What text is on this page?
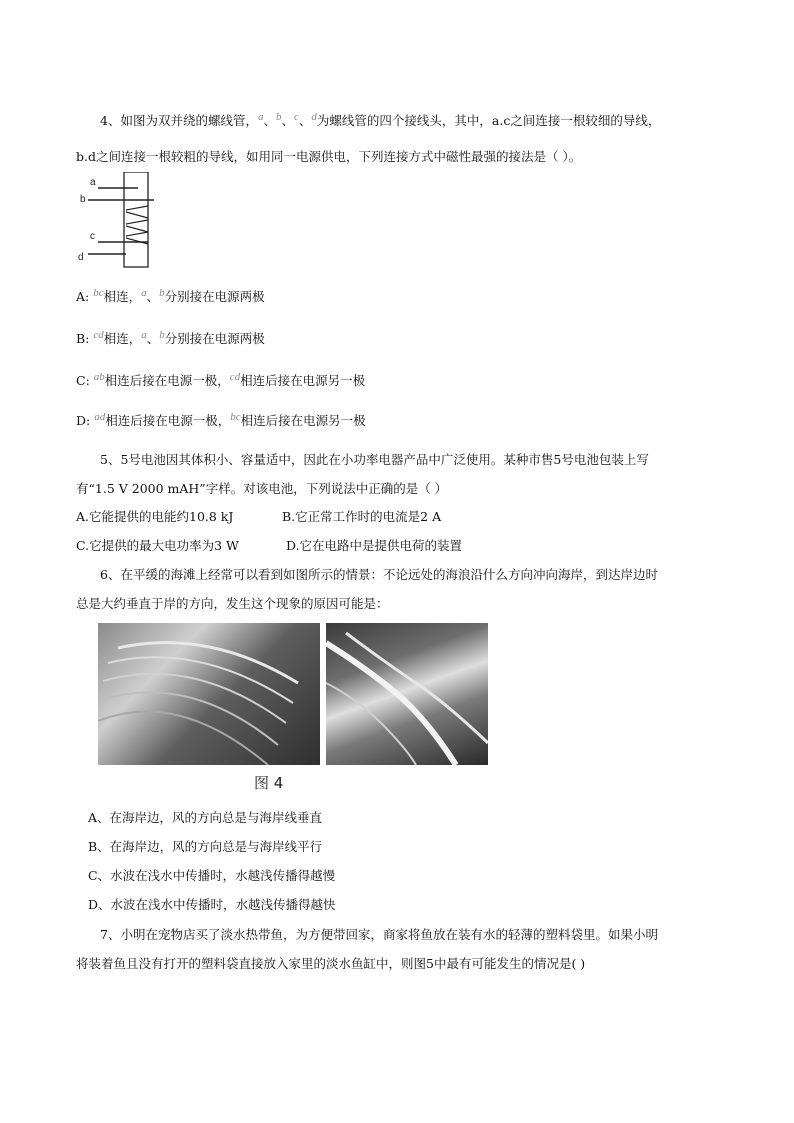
4、如图为双并绕的螺线管，a、b、c、d为螺线管的四个接线头，其中，a.c之间连接一根较细的导线，
b.d之间连接一根较粗的导线，如用同一电源供电，下列连接方式中磁性最强的接法是（ ）。
a
b
c
d
A: bc相连，a、b分别接在电源两极
B: cd相连，a、b分别接在电源两极
C: ab相连后接在电源一极，cd相连后接在电源另一极
D: ad相连后接在电源一极，bc相连后接在电源另一极
5、5号电池因其体积小、容量适中，因此在小功率电器产品中广泛使用。某种市售5号电池包装上写
有“1.5 V 2000 mAH”字样。对该电池，下列说法中正确的是（ ）
A.它能提供的电能约10.8 kJ	B.它正常工作时的电流是2 A
C.它提供的最大电功率为3 W	D.它在电路中是提供电荷的装置
6、在平缓的海滩上经常可以看到如图所示的情景：不论远处的海浪沿什么方向冲向海岸，到达岸边时
总是大约垂直于岸的方向，发生这个现象的原因可能是：
图 4
A、在海岸边，风的方向总是与海岸线垂直
B、在海岸边，风的方向总是与海岸线平行
C、水波在浅水中传播时，水越浅传播得越慢
D、水波在浅水中传播时，水越浅传播得越快
7、小明在宠物店买了淡水热带鱼，为方便带回家，商家将鱼放在装有水的轻薄的塑料袋里。如果小明
将装着鱼且没有打开的塑料袋直接放入家里的淡水鱼缸中，则图5中最有可能发生的情况是( )
